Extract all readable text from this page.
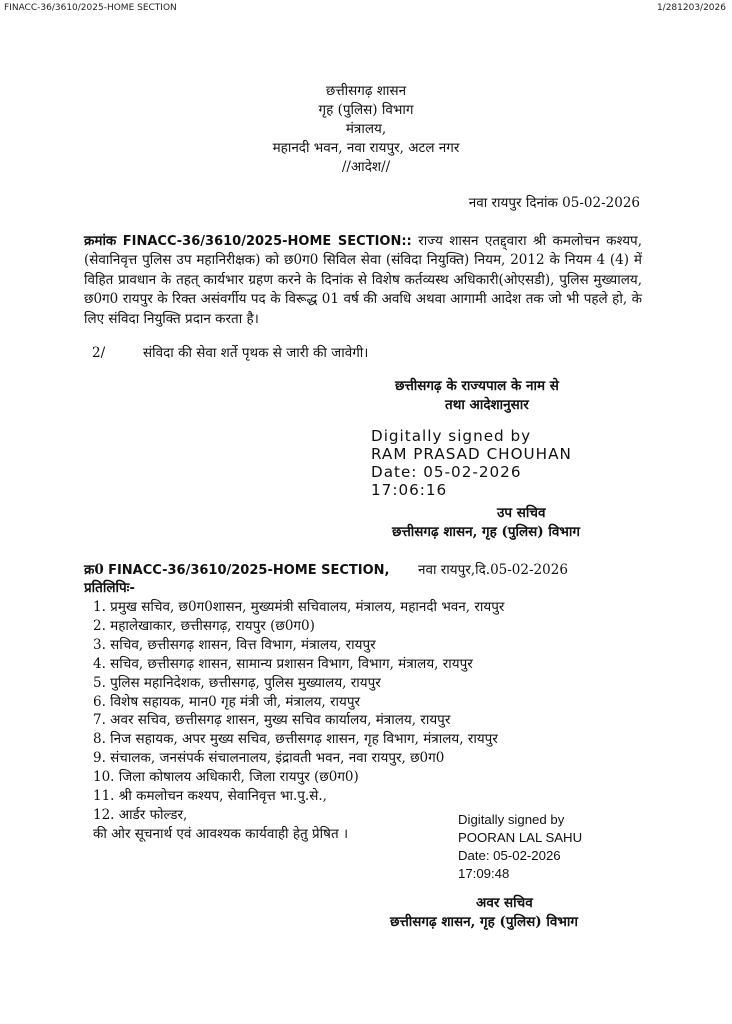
FINACC-36/3610/2025-HOME SECTION	1/281203/2026
छत्तीसगढ़ शासन
गृह (पुलिस) विभाग
मंत्रालय,
महानदी भवन, नवा रायपुर, अटल नगर
//आदेश//
नवा रायपुर दिनांक 05-02-2026
क्रमांक FINACC-36/3610/2025-HOME SECTION:: राज्य शासन एतद्द्वारा श्री कमलोचन कश्यप,(सेवानिवृत्त पुलिस उप महानिरीक्षक) को छ0ग0 सिविल सेवा (संविदा नियुक्ति) नियम, 2012 के नियम 4 (4) में विहित प्रावधान के तहत् कार्यभार ग्रहण करने के दिनांक से विशेष कर्तव्यस्थ अधिकारी(ओएसडी), पुलिस मुख्यालय, छ0ग0 रायपुर के रिक्त असंवर्गीय पद के विरूद्ध 01 वर्ष की अवधि अथवा आगामी आदेश तक जो भी पहले हो, के लिए संविदा नियुक्ति प्रदान करता है।
2/	संविदा की सेवा शर्ते पृथक से जारी की जावेगी।
छत्तीसगढ़ के राज्यपाल के नाम से
तथा आदेशानुसार
Digitally signed by
RAM PRASAD CHOUHAN
Date: 05-02-2026
17:06:16
उप सचिव
छत्तीसगढ़ शासन, गृह (पुलिस) विभाग
क्र0 FINACC-36/3610/2025-HOME SECTION, नवा रायपुर,दि.05-02-2026
प्रतिलिपिः-
1. प्रमुख सचिव, छ0ग0शासन, मुख्यमंत्री सचिवालय, मंत्रालय, महानदी भवन, रायपुर
2. महालेखाकार, छत्तीसगढ़, रायपुर (छ0ग0)
3. सचिव, छत्तीसगढ़ शासन, वित्त विभाग, मंत्रालय, रायपुर
4. सचिव, छत्तीसगढ़ शासन, सामान्य प्रशासन विभाग, विभाग, मंत्रालय, रायपुर
5. पुलिस महानिदेशक, छत्तीसगढ़, पुलिस मुख्यालय, रायपुर
6. विशेष सहायक, मान0 गृह मंत्री जी, मंत्रालय, रायपुर
7. अवर सचिव, छत्तीसगढ़ शासन, मुख्य सचिव कार्यालय, मंत्रालय, रायपुर
8. निज सहायक, अपर मुख्य सचिव, छत्तीसगढ़ शासन, गृह विभाग, मंत्रालय, रायपुर
9. संचालक, जनसंपर्क संचालनालय, इंद्रावती भवन, नवा रायपुर, छ0ग0
10. जिला कोषालय अधिकारी, जिला रायपुर (छ0ग0)
11. श्री कमलोचन कश्यप, सेवानिवृत्त भा.पु.से.,
12. आर्डर फोल्डर,
की ओर सूचनार्थ एवं आवश्यक कार्यवाही हेतु प्रेषित ।
Digitally signed by
POORAN LAL SAHU
Date: 05-02-2026
17:09:48
अवर सचिव
छत्तीसगढ़ शासन, गृह (पुलिस) विभाग
